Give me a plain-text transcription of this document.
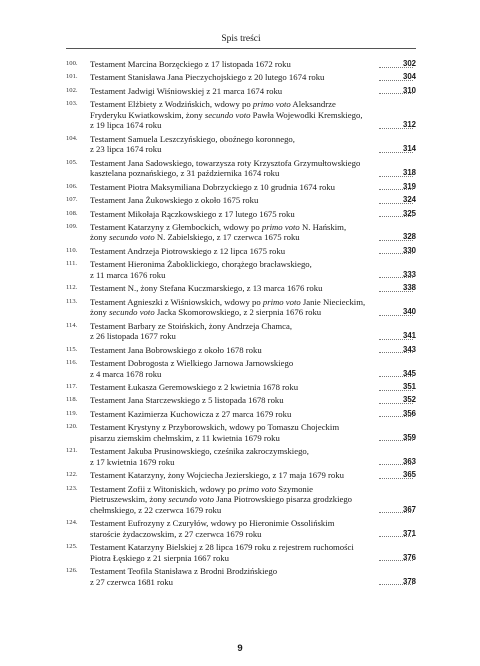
Spis treści
100. Testament Marcina Borzęckiego z 17 listopada 1672 roku	302
101. Testament Stanisława Jana Pieczychojskiego z 20 lutego 1674 roku	304
102. Testament Jadwigi Wiśniowskiej z 21 marca 1674 roku	310
103. Testament Elżbiety z Wodzińskich, wdowy po primo voto Aleksandrze
Fryderyku Kwiatkowskim, żony secundo voto Pawła Wojewodki Kremskiego,
z 19 lipca 1674 roku	312
104. Testament Samuela Leszczyńskiego, oboźnego koronnego,
z 23 lipca 1674 roku	314
105. Testament Jana Sadowskiego, towarzysza roty Krzysztofa Grzymułtowskiego
kasztelana poznańskiego, z 31 października 1674 roku	318
106. Testament Piotra Maksymiliana Dobrzyckiego z 10 grudnia 1674 roku	319
107. Testament Jana Żukowskiego z około 1675 roku	324
108. Testament Mikołaja Rączkowskiego z 17 lutego 1675 roku	325
109. Testament Katarzyny z Głembockich, wdowy po primo voto N. Hańskim,
żony secundo voto N. Zabielskiego, z 17 czerwca 1675 roku	328
110. Testament Andrzeja Piotrowskiego z 12 lipca 1675 roku	330
111. Testament Hieronima Żaboklickiego, chorążego bracławskiego,
z 11 marca 1676 roku	333
112. Testament N., żony Stefana Kuczmarskiego, z 13 marca 1676 roku	338
113. Testament Agnieszki z Wiśniowskich, wdowy po primo voto Janie Niecieckim,
żony secundo voto Jacka Skomorowskiego, z 2 sierpnia 1676 roku	340
114. Testament Barbary ze Stoińskich, żony Andrzeja Chamca,
z 26 listopada 1677 roku	341
115. Testament Jana Bobrowskiego z około 1678 roku	343
116. Testament Dobrogosta z Wielkiego Jarnowa Jarnowskiego
z 4 marca 1678 roku	345
117. Testament Łukasza Geremowskiego z 2 kwietnia 1678 roku	351
118. Testament Jana Starczewskiego z 5 listopada 1678 roku	352
119. Testament Kazimierza Kuchowicza z 27 marca 1679 roku	356
120. Testament Krystyny z Przyborowskich, wdowy po Tomaszu Chojeckim
pisarzu ziemskim chełmskim, z 11 kwietnia 1679 roku	359
121. Testament Jakuba Prusinowskiego, cześnika zakroczymskiego,
z 17 kwietnia 1679 roku	363
122. Testament Katarzyny, żony Wojciecha Jezierskiego, z 17 maja 1679 roku	365
123. Testament Zofii z Witoniskich, wdowy po primo voto Szymonie
Pietruszewskim, żony secundo voto Jana Piotrowskiego pisarza grodzkiego
chełmskiego, z 22 czerwca 1679 roku	367
124. Testament Eufrozyny z Czuryłów, wdowy po Hieronimie Ossolińskim
staroście żydaczowskim, z 27 czerwca 1679 roku	371
125. Testament Katarzyny Bielskiej z 28 lipca 1679 roku z rejestrem ruchomości
Piotra Łęskiego z 21 sierpnia 1667 roku	376
126. Testament Teofila Stanisława z Brodni Brodzińskiego
z 27 czerwca 1681 roku	378
9
